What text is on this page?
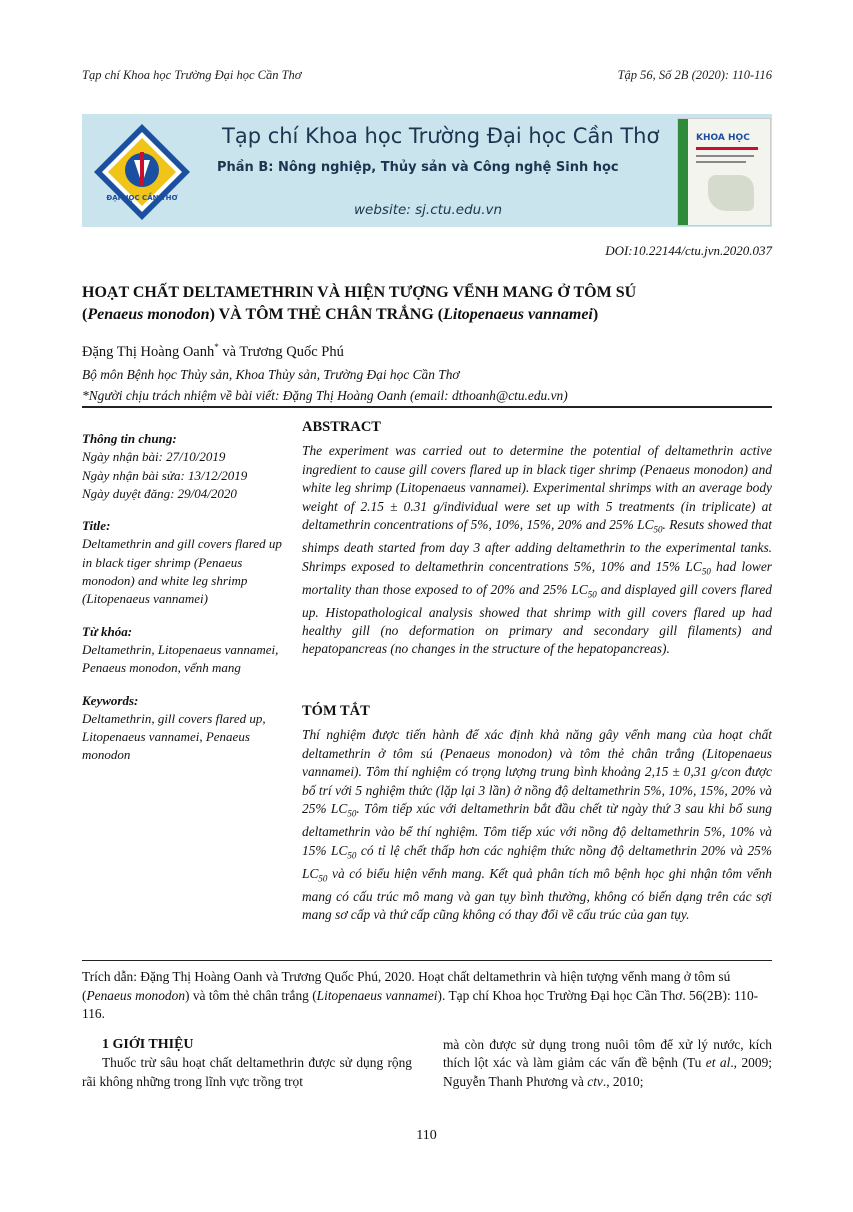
Tạp chí Khoa học Trường Đại học Cần Thơ	Tập 56, Số 2B (2020): 110-116
ĐẠI HỌC CẦN THƠ
Tạp chí Khoa học Trường Đại học Cần Thơ
Phần B: Nông nghiệp, Thủy sản và Công nghệ Sinh học
website: sj.ctu.edu.vn
KHOA HỌC
DOI:10.22144/ctu.jvn.2020.037
HOẠT CHẤT DELTAMETHRIN VÀ HIỆN TƯỢNG VỂNH MANG Ở TÔM SÚ
(Penaeus monodon) VÀ TÔM THẺ CHÂN TRẮNG (Litopenaeus vannamei)
Đặng Thị Hoàng Oanh* và Trương Quốc Phú
Bộ môn Bệnh học Thủy sản, Khoa Thủy sản, Trường Đại học Cần Thơ
*Người chịu trách nhiệm về bài viết: Đặng Thị Hoàng Oanh (email: dthoanh@ctu.edu.vn)
Thông tin chung:
Ngày nhận bài: 27/10/2019
Ngày nhận bài sửa: 13/12/2019
Ngày duyệt đăng: 29/04/2020
Title:
Deltamethrin and gill covers flared up in black tiger shrimp (Penaeus monodon) and white leg shrimp (Litopenaeus vannamei)
Từ khóa:
Deltamethrin, Litopenaeus vannamei, Penaeus monodon, vểnh mang
Keywords:
Deltamethrin, gill covers flared up, Litopenaeus vannamei, Penaeus monodon
ABSTRACT
The experiment was carried out to determine the potential of deltamethrin active ingredient to cause gill covers flared up in black tiger shrimp (Penaeus monodon) and white leg shrimp (Litopenaeus vannamei). Experimental shrimps with an average body weight of 2.15 ± 0.31 g/individual were set up with 5 treatments (in triplicate) at deltamethrin concentrations of 5%, 10%, 15%, 20% and 25% $LC_{50}$. Resuts showed that shimps death started from day 3 after adding deltamethrin to the experimental tanks. Shrimps exposed to deltamethrin concentrations 5%, 10% and 15% $LC_{50}$ had lower mortality than those exposed to of 20% and 25% $LC_{50}$ and displayed gill covers flared up. Histopathological analysis showed that shrimp with gill covers flared up had healthy gill (no deformation on primary and secondary gill filaments) and hepatopancreas (no changes in the structure of the hepatopancreas).
TÓM TẮT
Thí nghiệm được tiến hành để xác định khả năng gây vểnh mang của hoạt chất deltamethrin ở tôm sú (Penaeus monodon) và tôm thẻ chân trắng (Litopenaeus vannamei). Tôm thí nghiệm có trọng lượng trung bình khoảng 2,15 ± 0,31 g/con được bố trí với 5 nghiệm thức (lặp lại 3 lần) ở nồng độ deltamethrin 5%, 10%, 15%, 20% và 25% $LC_{50}$. Tôm tiếp xúc với deltamethrin bắt đầu chết từ ngày thứ 3 sau khi bổ sung deltamethrin vào bể thí nghiệm. Tôm tiếp xúc với nồng độ deltamethrin 5%, 10% và 15% $LC_{50}$ có tỉ lệ chết thấp hơn các nghiệm thức nồng độ deltamethrin 20% và 25% $LC_{50}$ và có biểu hiện vểnh mang. Kết quả phân tích mô bệnh học ghi nhận tôm vểnh mang có cấu trúc mô mang và gan tụy bình thường, không có biến dạng trên các sợi mang sơ cấp và thứ cấp cũng không có thay đổi về cấu trúc của gan tụy.
Trích dẫn: Đặng Thị Hoàng Oanh và Trương Quốc Phú, 2020. Hoạt chất deltamethrin và hiện tượng vểnh mang ở tôm sú (Penaeus monodon) và tôm thẻ chân trắng (Litopenaeus vannamei). Tạp chí Khoa học Trường Đại học Cần Thơ. 56(2B): 110-116.
1 GIỚI THIỆU
Thuốc trừ sâu hoạt chất deltamethrin được sử dụng rộng rãi không những trong lĩnh vực trồng trọt
mà còn được sử dụng trong nuôi tôm để xử lý nước, kích thích lột xác và làm giảm các vấn đề bệnh (Tu et al., 2009; Nguyễn Thanh Phương và ctv., 2010;
110
